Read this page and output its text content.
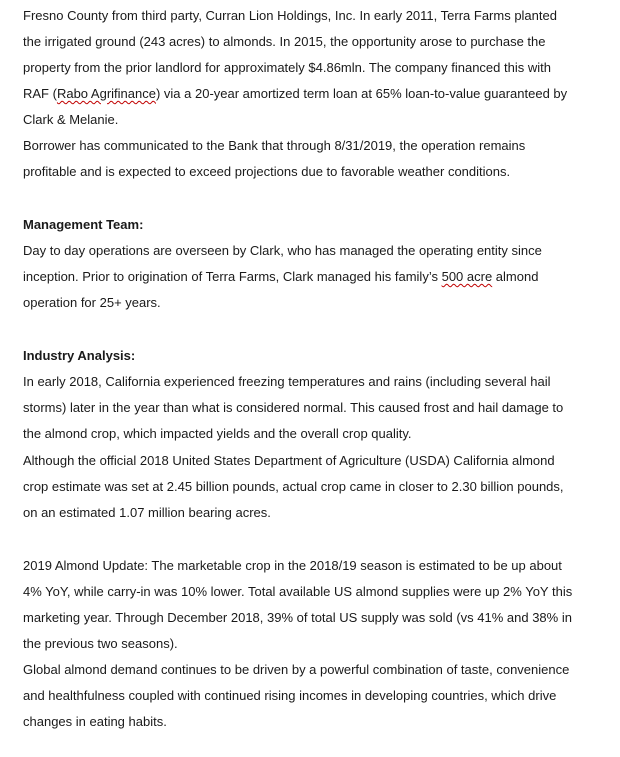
Fresno County from third party, Curran Lion Holdings, Inc. In early 2011, Terra Farms planted
the irrigated ground (243 acres) to almonds. In 2015, the opportunity arose to purchase the
property from the prior landlord for approximately $4.86mln. The company financed this with
RAF (Rabo Agrifinance) via a 20-year amortized term loan at 65% loan-to-value guaranteed by
Clark & Melanie.
Borrower has communicated to the Bank that through 8/31/2019, the operation remains
profitable and is expected to exceed projections due to favorable weather conditions.
Management Team:
Day to day operations are overseen by Clark, who has managed the operating entity since
inception. Prior to origination of Terra Farms, Clark managed his family’s 500 acre almond
operation for 25+ years.
Industry Analysis:
In early 2018, California experienced freezing temperatures and rains (including several hail
storms) later in the year than what is considered normal. This caused frost and hail damage to
the almond crop, which impacted yields and the overall crop quality.
Although the official 2018 United States Department of Agriculture (USDA) California almond
crop estimate was set at 2.45 billion pounds, actual crop came in closer to 2.30 billion pounds,
on an estimated 1.07 million bearing acres.
2019 Almond Update: The marketable crop in the 2018/19 season is estimated to be up about
4% YoY, while carry-in was 10% lower. Total available US almond supplies were up 2% YoY this
marketing year. Through December 2018, 39% of total US supply was sold (vs 41% and 38% in
the previous two seasons).
Global almond demand continues to be driven by a powerful combination of taste, convenience
and healthfulness coupled with continued rising incomes in developing countries, which drive
changes in eating habits.
